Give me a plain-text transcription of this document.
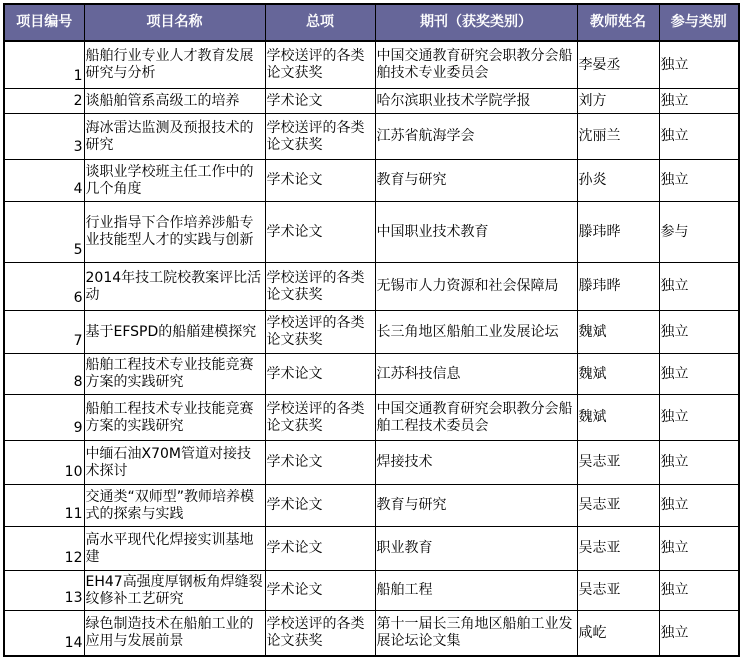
项目编号	项目名称	总项	期刊（获奖类别）	教师姓名	参与类别
1	船舶行业专业人才教育发展研究与分析	学校送评的各类论文获奖	中国交通教育研究会职教分会船舶技术专业委员会	李晏丞	独立
2	谈船舶管系高级工的培养	学术论文	哈尔滨职业技术学院学报	刘方	独立
3	海冰雷达监测及预报技术的研究	学校送评的各类论文获奖	江苏省航海学会	沈丽兰	独立
4	谈职业学校班主任工作中的几个角度	学术论文	教育与研究	孙炎	独立
5	行业指导下合作培养涉船专业技能型人才的实践与创新	学术论文	中国职业技术教育	滕玮晔	参与
6	2014年技工院校教案评比活动	学校送评的各类论文获奖	无锡市人力资源和社会保障局	滕玮晔	独立
7	基于EFSPD的船艏建模探究	学校送评的各类论文获奖	长三角地区船舶工业发展论坛	魏斌	独立
8	船舶工程技术专业技能竞赛方案的实践研究	学术论文	江苏科技信息	魏斌	独立
9	船舶工程技术专业技能竞赛方案的实践研究	学校送评的各类论文获奖	中国交通教育研究会职教分会船舶工程技术委员会	魏斌	独立
10	中缅石油X70M管道对接技术探讨	学术论文	焊接技术	吴志亚	独立
11	交通类“双师型”教师培养模式的探索与实践	学术论文	教育与研究	吴志亚	独立
12	高水平现代化焊接实训基地建	学术论文	职业教育	吴志亚	独立
13	EH47高强度厚钢板角焊缝裂纹修补工艺研究	学术论文	船舶工程	吴志亚	独立
14	绿色制造技术在船舶工业的应用与发展前景	学校送评的各类论文获奖	第十一届长三角地区船舶工业发展论坛论文集	咸屹	独立
